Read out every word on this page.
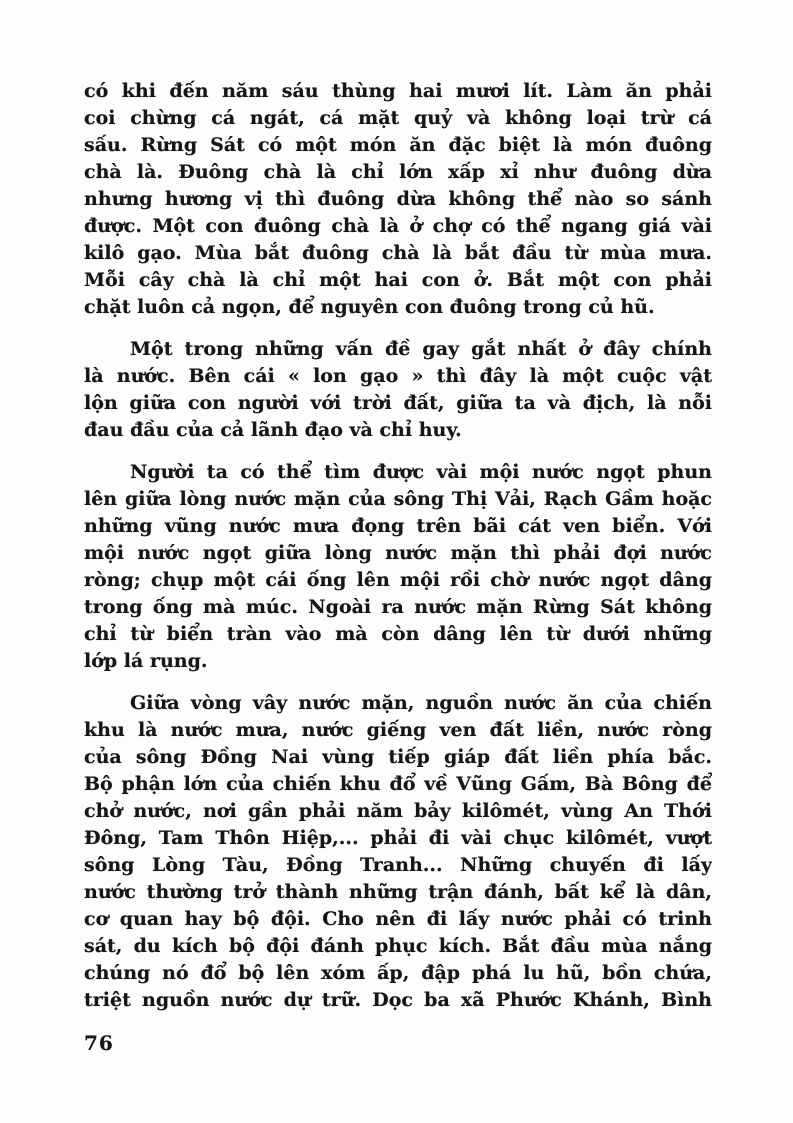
có khi đến năm sáu thùng hai mươi lít. Làm ăn phải
coi chừng cá ngát, cá mặt quỷ và không loại trừ cá
sấu. Rừng Sát có một món ăn đặc biệt là món đuông
chà là. Đuông chà là chỉ lớn xấp xỉ như đuông dừa
nhưng hương vị thì đuông dừa không thể nào so sánh
được. Một con đuông chà là ở chợ có thể ngang giá vài
kilô gạo. Mùa bắt đuông chà là bắt đầu từ mùa mưa.
Mỗi cây chà là chỉ một hai con ở. Bắt một con phải
chặt luôn cả ngọn, để nguyên con đuông trong củ hũ.
Một trong những vấn đề gay gắt nhất ở đây chính
là nước. Bên cái « lon gạo » thì đây là một cuộc vật
lộn giữa con người với trời đất, giữa ta và địch, là nỗi
đau đầu của cả lãnh đạo và chỉ huy.
Người ta có thể tìm được vài mội nước ngọt phun
lên giữa lòng nước mặn của sông Thị Vải, Rạch Gầm hoặc
những vũng nước mưa đọng trên bãi cát ven biển. Với
mội nước ngọt giữa lòng nước mặn thì phải đợi nước
ròng; chụp một cái ống lên mội rồi chờ nước ngọt dâng
trong ống mà múc. Ngoài ra nước mặn Rừng Sát không
chỉ từ biển tràn vào mà còn dâng lên từ dưới những
lớp lá rụng.
Giữa vòng vây nước mặn, nguồn nước ăn của chiến
khu là nước mưa, nước giếng ven đất liền, nước ròng
của sông Đồng Nai vùng tiếp giáp đất liền phía bắc.
Bộ phận lớn của chiến khu đổ về Vũng Gấm, Bà Bông để
chở nước, nơi gần phải năm bảy kilômét, vùng An Thới
Đông, Tam Thôn Hiệp,... phải đi vài chục kilômét, vượt
sông Lòng Tàu, Đồng Tranh... Những chuyến đi lấy
nước thường trở thành những trận đánh, bất kể là dân,
cơ quan hay bộ đội. Cho nên đi lấy nước phải có trinh
sát, du kích bộ đội đánh phục kích. Bắt đầu mùa nắng
chúng nó đổ bộ lên xóm ấp, đập phá lu hũ, bồn chứa,
triệt nguồn nước dự trữ. Dọc ba xã Phước Khánh, Bình
76
